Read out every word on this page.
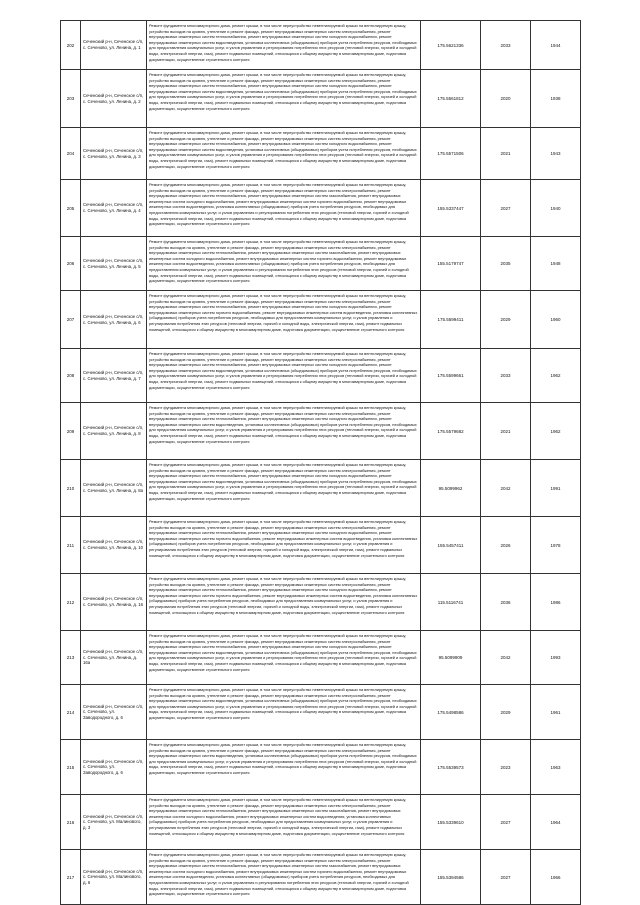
202	Сеченский р-н, Сеченское с/п, с. Сеченово, ул. Ленина, д. 1	Ремонт фундамента многоквартирного дома, ремонт крыши, в том числе переустройство невентилируемой крыши на вентилируемую крышу, устройство выходов на кровлю, утепление и ремонт фасада, ремонт внутридомовых инженерных систем электроснабжения, ремонт внутридомовых инженерных систем теплоснабжения, ремонт внутридомовых инженерных систем холодного водоснабжения, ремонт внутридомовых инженерных систем водоотведения, установка коллективных (общедомовых) приборов учета потребления ресурсов, необходимых для предоставления коммунальных услуг, и узлов управления и регулирования потребления этих ресурсов (тепловой энергии, горячей и холодной воды, электрической энергии, газа), ремонт подвальных помещений, относящихся к общему имуществу в многоквартирном доме, подготовка документации, осуществление строительного контроля	175.5621336	2033	1944
203	Сеченский р-н, Сеченское с/п, с. Сеченово, ул. Ленина, д. 2	Ремонт фундамента многоквартирного дома, ремонт крыши, в том числе переустройство невентилируемой крыши на вентилируемую крышу, устройство выходов на кровлю, утепление и ремонт фасада, ремонт внутридомовых инженерных систем электроснабжения, ремонт внутридомовых инженерных систем теплоснабжения, ремонт внутридомовых инженерных систем холодного водоснабжения, ремонт внутридомовых инженерных систем водоотведения, установка коллективных (общедомовых) приборов учета потребления ресурсов, необходимых для предоставления коммунальных услуг, и узлов управления и регулирования потребления этих ресурсов (тепловой энергии, горячей и холодной воды, электрической энергии, газа), ремонт подвальных помещений, относящихся к общему имуществу в многоквартирном доме, подготовка документации, осуществление строительного контроля	175.5561812	2020	1938
204	Сеченский р-н, Сеченское с/п, с. Сеченово, ул. Ленина, д. 3	Ремонт фундамента многоквартирного дома, ремонт крыши, в том числе переустройство невентилируемой крыши на вентилируемую крышу, устройство выходов на кровлю, утепление и ремонт фасада, ремонт внутридомовых инженерных систем электроснабжения, ремонт внутридомовых инженерных систем теплоснабжения, ремонт внутридомовых инженерных систем холодного водоснабжения, ремонт внутридомовых инженерных систем водоотведения, установка коллективных (общедомовых) приборов учета потребления ресурсов, необходимых для предоставления коммунальных услуг, и узлов управления и регулирования потребления этих ресурсов (тепловой энергии, горячей и холодной воды, электрической энергии, газа), ремонт подвальных помещений, относящихся к общему имуществу в многоквартирном доме, подготовка документации, осуществление строительного контроля	175.5571506	2021	1943
205	Сеченский р-н, Сеченское с/п, с. Сеченово, ул. Ленина, д. 4	Ремонт фундамента многоквартирного дома, ремонт крыши, в том числе переустройство невентилируемой крыши на вентилируемую крышу, устройство выходов на кровлю, утепление и ремонт фасада, ремонт внутридомовых инженерных систем электроснабжения, ремонт внутридомовых инженерных систем теплоснабжения, ремонт внутридомовых инженерных систем газоснабжения, ремонт внутридомовых инженерных систем холодного водоснабжения, ремонт внутридомовых инженерных систем горячего водоснабжения, ремонт внутридомовых инженерных систем водоотведения, установка коллективных (общедомовых) приборов учета потребления ресурсов, необходимых для предоставления коммунальных услуг, и узлов управления и регулирования потребления этих ресурсов (тепловой энергии, горячей и холодной воды, электрической энергии, газа), ремонт подвальных помещений, относящихся к общему имуществу в многоквартирном доме, подготовка документации, осуществление строительного контроля	155.5337447	2027	1940
206	Сеченский р-н, Сеченское с/п, с. Сеченово, ул. Ленина, д. 5	Ремонт фундамента многоквартирного дома, ремонт крыши, в том числе переустройство невентилируемой крыши на вентилируемую крышу, устройство выходов на кровлю, утепление и ремонт фасада, ремонт внутридомовых инженерных систем электроснабжения, ремонт внутридомовых инженерных систем теплоснабжения, ремонт внутридомовых инженерных систем газоснабжения, ремонт внутридомовых инженерных систем холодного водоснабжения, ремонт внутридомовых инженерных систем горячего водоснабжения, ремонт внутридомовых инженерных систем водоотведения, установка коллективных (общедомовых) приборов учета потребления ресурсов, необходимых для предоставления коммунальных услуг, и узлов управления и регулирования потребления этих ресурсов (тепловой энергии, горячей и холодной воды, электрической энергии, газа), ремонт подвальных помещений, относящихся к общему имуществу в многоквартирном доме, подготовка документации, осуществление строительного контроля	155.5179747	2035	1948
207	Сеченский р-н, Сеченское с/п, с. Сеченово, ул. Ленина, д. 6	Ремонт фундамента многоквартирного дома, ремонт крыши, в том числе переустройство невентилируемой крыши на вентилируемую крышу, устройство выходов на кровлю, утепление и ремонт фасада, ремонт внутридомовых инженерных систем электроснабжения, ремонт внутридомовых инженерных систем теплоснабжения, ремонт внутридомовых инженерных систем холодного водоснабжения, ремонт внутридомовых инженерных систем горячего водоснабжения, ремонт внутридомовых инженерных систем водоотведения, установка коллективных (общедомовых) приборов учета потребления ресурсов, необходимых для предоставления коммунальных услуг, и узлов управления и регулирования потребления этих ресурсов (тепловой энергии, горячей и холодной воды, электрической энергии, газа), ремонт подвальных помещений, относящихся к общему имуществу в многоквартирном доме, подготовка документации, осуществление строительного контроля	175.5599411	2029	1960
208	Сеченский р-н, Сеченское с/п, с. Сеченово, ул. Ленина, д. 7	Ремонт фундамента многоквартирного дома, ремонт крыши, в том числе переустройство невентилируемой крыши на вентилируемую крышу, устройство выходов на кровлю, утепление и ремонт фасада, ремонт внутридомовых инженерных систем электроснабжения, ремонт внутридомовых инженерных систем теплоснабжения, ремонт внутридомовых инженерных систем холодного водоснабжения, ремонт внутридомовых инженерных систем водоотведения, установка коллективных (общедомовых) приборов учета потребления ресурсов, необходимых для предоставления коммунальных услуг, и узлов управления и регулирования потребления этих ресурсов (тепловой энергии, горячей и холодной воды, электрической энергии, газа), ремонт подвальных помещений, относящихся к общему имуществу в многоквартирном доме, подготовка документации, осуществление строительного контроля	175.5599661	2033	1962
209	Сеченский р-н, Сеченское с/п, с. Сеченово, ул. Ленина, д. 8	Ремонт фундамента многоквартирного дома, ремонт крыши, в том числе переустройство невентилируемой крыши на вентилируемую крышу, устройство выходов на кровлю, утепление и ремонт фасада, ремонт внутридомовых инженерных систем электроснабжения, ремонт внутридомовых инженерных систем теплоснабжения, ремонт внутридомовых инженерных систем холодного водоснабжения, ремонт внутридомовых инженерных систем водоотведения, установка коллективных (общедомовых) приборов учета потребления ресурсов, необходимых для предоставления коммунальных услуг, и узлов управления и регулирования потребления этих ресурсов (тепловой энергии, горячей и холодной воды, электрической энергии, газа), ремонт подвальных помещений, относящихся к общему имуществу в многоквартирном доме, подготовка документации, осуществление строительного контроля	175.5579682	2021	1962
210	Сеченский р-н, Сеченское с/п, с. Сеченово, ул. Ленина, д. 8а	Ремонт фундамента многоквартирного дома, ремонт крыши, в том числе переустройство невентилируемой крыши на вентилируемую крышу, устройство выходов на кровлю, утепление и ремонт фасада, ремонт внутридомовых инженерных систем электроснабжения, ремонт внутридомовых инженерных систем теплоснабжения, ремонт внутридомовых инженерных систем холодного водоснабжения, ремонт внутридомовых инженерных систем водоотведения, установка коллективных (общедомовых) приборов учета потребления ресурсов, необходимых для предоставления коммунальных услуг, и узлов управления и регулирования потребления этих ресурсов (тепловой энергии, горячей и холодной воды, электрической энергии, газа), ремонт подвальных помещений, относящихся к общему имуществу в многоквартирном доме, подготовка документации, осуществление строительного контроля	95.5099962	2042	1991
211	Сеченский р-н, Сеченское с/п, с. Сеченово, ул. Ленина, д. 10	Ремонт фундамента многоквартирного дома, ремонт крыши, в том числе переустройство невентилируемой крыши на вентилируемую крышу, устройство выходов на кровлю, утепление и ремонт фасада, ремонт внутридомовых инженерных систем электроснабжения, ремонт внутридомовых инженерных систем теплоснабжения, ремонт внутридомовых инженерных систем холодного водоснабжения, ремонт внутридомовых инженерных систем горячего водоснабжения, ремонт внутридомовых инженерных систем водоотведения, установка коллективных (общедомовых) приборов учета потребления ресурсов, необходимых для предоставления коммунальных услуг, и узлов управления и регулирования потребления этих ресурсов (тепловой энергии, горячей и холодной воды, электрической энергии, газа), ремонт подвальных помещений, относящихся к общему имуществу в многоквартирном доме, подготовка документации, осуществление строительного контроля	155.5457411	2026	1978
212	Сеченский р-н, Сеченское с/п, с. Сеченово, ул. Ленина, д. 16	Ремонт фундамента многоквартирного дома, ремонт крыши, в том числе переустройство невентилируемой крыши на вентилируемую крышу, устройство выходов на кровлю, утепление и ремонт фасада, ремонт внутридомовых инженерных систем электроснабжения, ремонт внутридомовых инженерных систем теплоснабжения, ремонт внутридомовых инженерных систем холодного водоснабжения, ремонт внутридомовых инженерных систем горячего водоснабжения, ремонт внутридомовых инженерных систем водоотведения, установка коллективных (общедомовых) приборов учета потребления ресурсов, необходимых для предоставления коммунальных услуг, и узлов управления и регулирования потребления этих ресурсов (тепловой энергии, горячей и холодной воды, электрической энергии, газа), ремонт подвальных помещений, относящихся к общему имуществу в многоквартирном доме, подготовка документации, осуществление строительного контроля	115.5116741	2036	1986
213	Сеченский р-н, Сеченское с/п, с. Сеченово, ул. Ленина, д. 16а	Ремонт фундамента многоквартирного дома, ремонт крыши, в том числе переустройство невентилируемой крыши на вентилируемую крышу, устройство выходов на кровлю, утепление и ремонт фасада, ремонт внутридомовых инженерных систем электроснабжения, ремонт внутридомовых инженерных систем теплоснабжения, ремонт внутридомовых инженерных систем холодного водоснабжения, ремонт внутридомовых инженерных систем водоотведения, установка коллективных (общедомовых) приборов учета потребления ресурсов, необходимых для предоставления коммунальных услуг, и узлов управления и регулирования потребления этих ресурсов (тепловой энергии, горячей и холодной воды, электрической энергии, газа), ремонт подвальных помещений, относящихся к общему имуществу в многоквартирном доме, подготовка документации, осуществление строительного контроля	95.5099909	2042	1993
214	Сеченский р-н, Сеченское с/п, с. Сеченово, ул. Заводородного, д. 6	Ремонт фундамента многоквартирного дома, ремонт крыши, в том числе переустройство невентилируемой крыши на вентилируемую крышу, устройство выходов на кровлю, утепление и ремонт фасада, ремонт внутридомовых инженерных систем электроснабжения, ремонт внутридомовых инженерных систем водоотведения, установка коллективных (общедомовых) приборов учета потребления ресурсов, необходимых для предоставления коммунальных услуг, и узлов управления и регулирования потребления этих ресурсов (тепловой энергии, горячей и холодной воды, электрической энергии, газа), ремонт подвальных помещений, относящихся к общему имуществу в многоквартирном доме, подготовка документации, осуществление строительного контроля	175.5498586	2029	1961
215	Сеченский р-н, Сеченское с/п, с. Сеченово, ул. Заводородного, д. 6	Ремонт фундамента многоквартирного дома, ремонт крыши, в том числе переустройство невентилируемой крыши на вентилируемую крышу, устройство выходов на кровлю, утепление и ремонт фасада, ремонт внутридомовых инженерных систем электроснабжения, ремонт внутридомовых инженерных систем водоотведения, установка коллективных (общедомовых) приборов учета потребления ресурсов, необходимых для предоставления коммунальных услуг, и узлов управления и регулирования потребления этих ресурсов (тепловой энергии, горячей и холодной воды, электрической энергии, газа), ремонт подвальных помещений, относящихся к общему имуществу в многоквартирном доме, подготовка документации, осуществление строительного контроля	175.5539573	2023	1963
216	Сеченский р-н, Сеченское с/п, с. Сеченово, ул. Малинового, д. 3	Ремонт фундамента многоквартирного дома, ремонт крыши, в том числе переустройство невентилируемой крыши на вентилируемую крышу, устройство выходов на кровлю, утепление и ремонт фасада, ремонт внутридомовых инженерных систем электроснабжения, ремонт внутридомовых инженерных систем теплоснабжения, ремонт внутридомовых инженерных систем газоснабжения, ремонт внутридомовых инженерных систем холодного водоснабжения, ремонт внутридомовых инженерных систем водоотведения, установка коллективных (общедомовых) приборов учета потребления ресурсов, необходимых для предоставления коммунальных услуг, и узлов управления и регулирования потребления этих ресурсов (тепловой энергии, горячей и холодной воды, электрической энергии, газа), ремонт подвальных помещений, относящихся к общему имуществу в многоквартирном доме, подготовка документации, осуществление строительного контроля	155.5339610	2027	1964
217	Сеченский р-н, Сеченское с/п, с. Сеченово, ул. Малинового, д. 6	Ремонт фундамента многоквартирного дома, ремонт крыши, в том числе переустройство невентилируемой крыши на вентилируемую крышу, устройство выходов на кровлю, утепление и ремонт фасада, ремонт внутридомовых инженерных систем электроснабжения, ремонт внутридомовых инженерных систем теплоснабжения, ремонт внутридомовых инженерных систем газоснабжения, ремонт внутридомовых инженерных систем холодного водоснабжения, ремонт внутридомовых инженерных систем горячего водоснабжения, ремонт внутридомовых инженерных систем водоотведения, установка коллективных (общедомовых) приборов учета потребления ресурсов, необходимых для предоставления коммунальных услуг, и узлов управления и регулирования потребления этих ресурсов (тепловой энергии, горячей и холодной воды, электрической энергии, газа), ремонт подвальных помещений, относящихся к общему имуществу в многоквартирном доме, подготовка документации, осуществление строительного контроля	155.5394586	2027	1966
